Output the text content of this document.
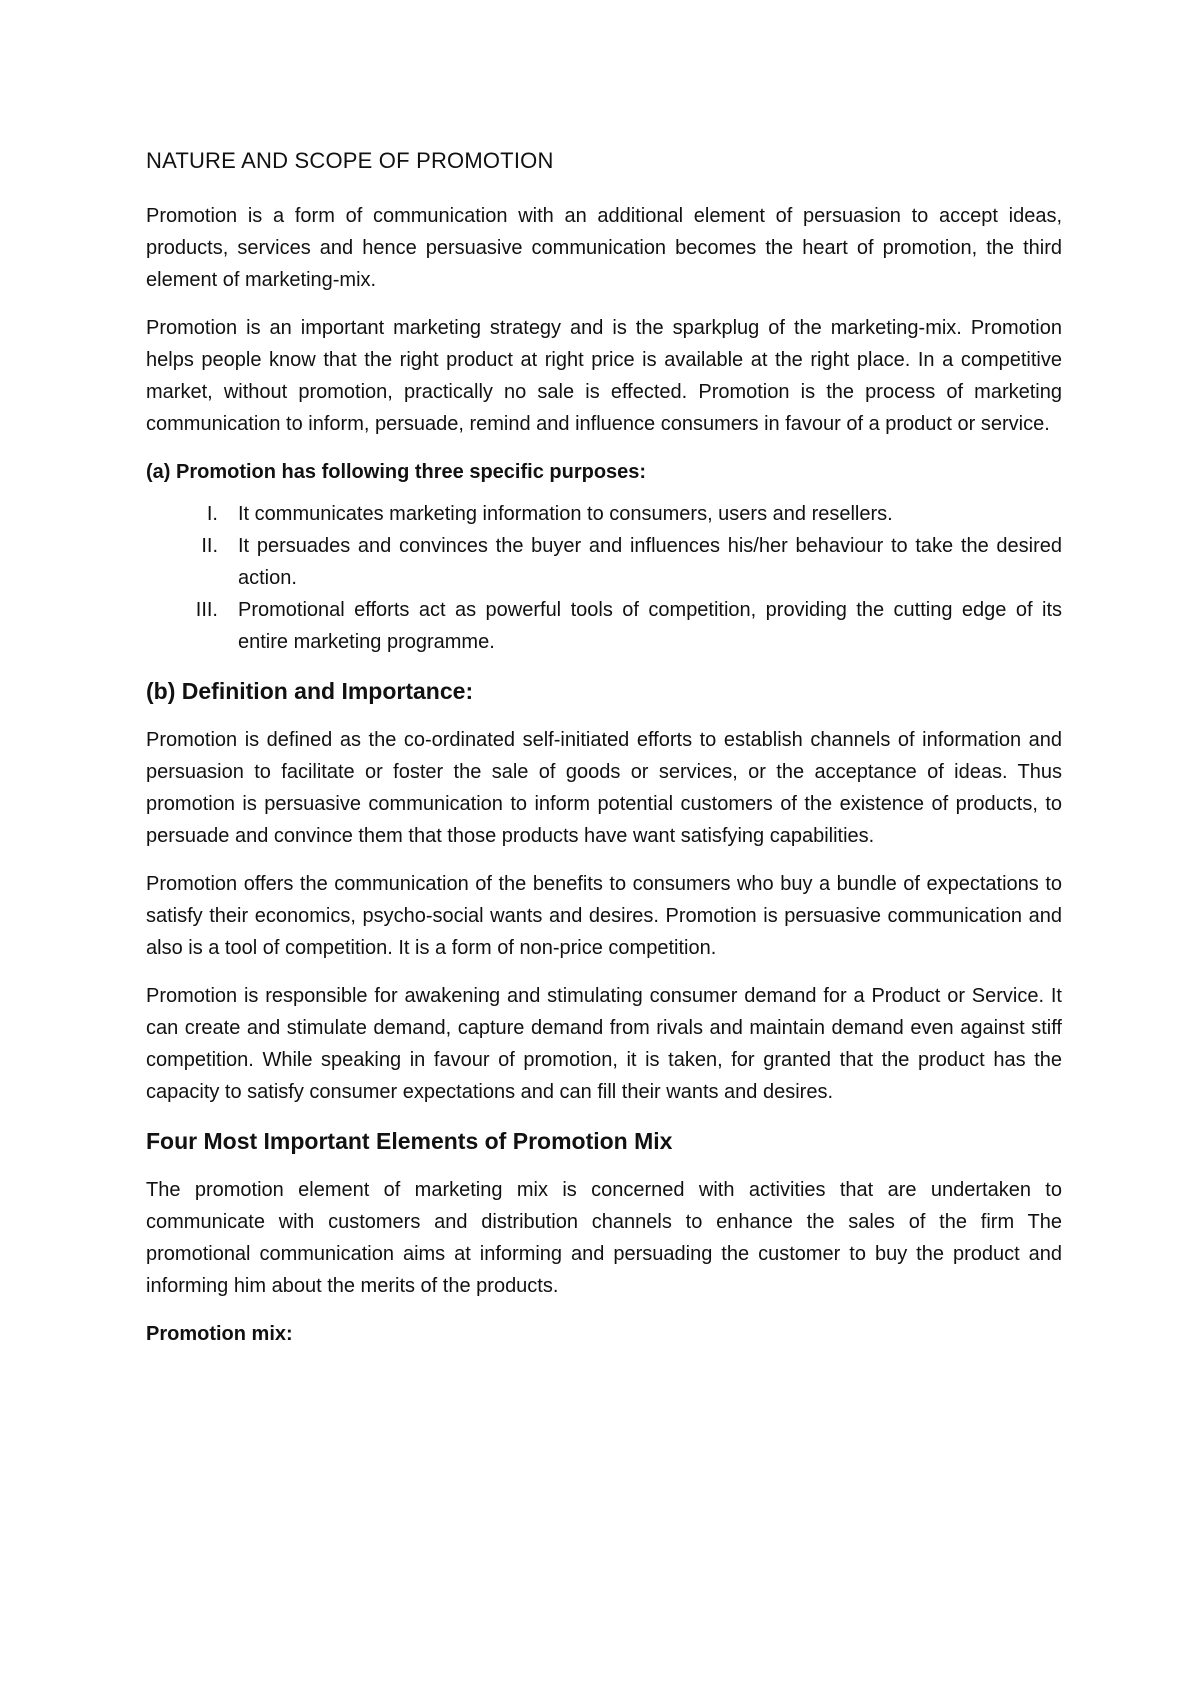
NATURE AND SCOPE OF PROMOTION

Promotion is a form of communication with an additional element of persuasion to accept ideas, products, services and hence persuasive communication becomes the heart of promotion, the third element of marketing-mix.

Promotion is an important marketing strategy and is the sparkplug of the marketing-mix. Promotion helps people know that the right product at right price is available at the right place. In a competitive market, without promotion, practically no sale is effected. Promotion is the process of marketing communication to inform, persuade, remind and influence consumers in favour of a product or service.

(a) Promotion has following three specific purposes:
I. It communicates marketing information to consumers, users and resellers.
II. It persuades and convinces the buyer and influences his/her behaviour to take the desired action.
III. Promotional efforts act as powerful tools of competition, providing the cutting edge of its entire marketing programme.
(b) Definition and Importance:

Promotion is defined as the co-ordinated self-initiated efforts to establish channels of information and persuasion to facilitate or foster the sale of goods or services, or the acceptance of ideas. Thus promotion is persuasive communication to inform potential customers of the existence of products, to persuade and convince them that those products have want satisfying capabilities.

Promotion offers the communication of the benefits to consumers who buy a bundle of expectations to satisfy their economics, psycho-social wants and desires. Promotion is persuasive communication and also is a tool of competition. It is a form of non-price competition.

Promotion is responsible for awakening and stimulating consumer demand for a Product or Service. It can create and stimulate demand, capture demand from rivals and maintain demand even against stiff competition. While speaking in favour of promotion, it is taken, for granted that the product has the capacity to satisfy consumer expectations and can fill their wants and desires.

Four Most Important Elements of Promotion Mix

The promotion element of marketing mix is concerned with activities that are undertaken to communicate with customers and distribution channels to enhance the sales of the firm The promotional communication aims at informing and persuading the customer to buy the product and informing him about the merits of the products.

Promotion mix:
